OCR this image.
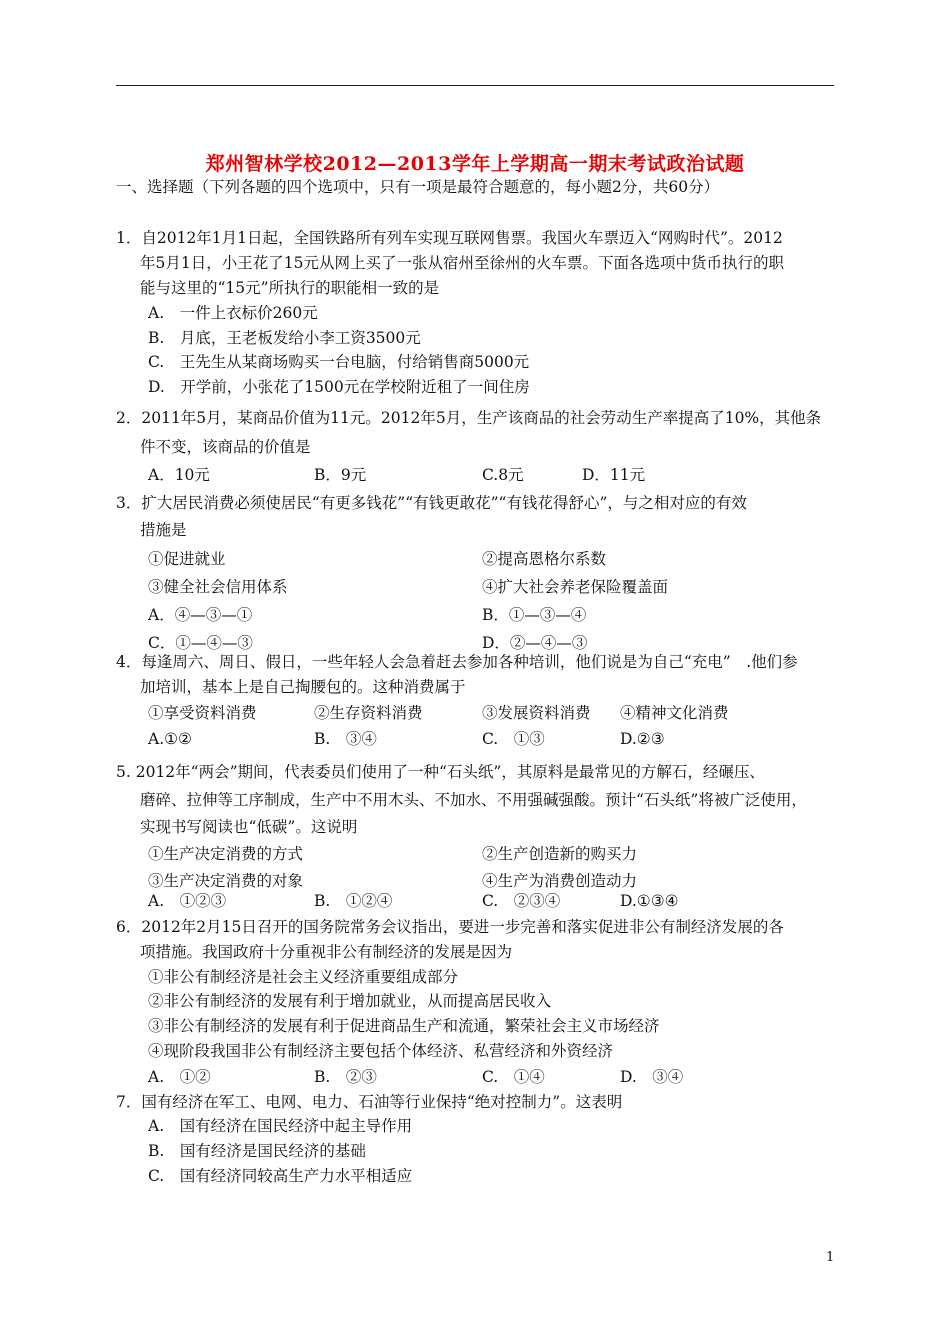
郑州智林学校2012—2013学年上学期高一期末考试政治试题
一、选择题（下列各题的四个选项中，只有一项是最符合题意的，每小题2分，共60分）
1．自2012年1月1日起，全国铁路所有列车实现互联网售票。我国火车票迈入“网购时代”。2012
年5月1日，小王花了15元从网上买了一张从宿州至徐州的火车票。下面各选项中货币执行的职
能与这里的“15元”所执行的职能相一致的是
A.　一件上衣标价260元
B.　月底，王老板发给小李工资3500元
C.　王先生从某商场购买一台电脑，付给销售商5000元
D.　开学前，小张花了1500元在学校附近租了一间住房
2．2011年5月，某商品价值为11元。2012年5月，生产该商品的社会劳动生产率提高了10%，其他条
件不变，该商品的价值是
A．10元	B．9元	C.8元	D．11元
3．扩大居民消费必须使居民“有更多钱花”“有钱更敢花”“有钱花得舒心”，与之相对应的有效
措施是
①促进就业	②提高恩格尔系数
③健全社会信用体系	④扩大社会养老保险覆盖面
A．④—③—①	B．①—③—④
C．①—④—③	D．②—④—③
4．每逢周六、周日、假日，一些年轻人会急着赶去参加各种培训，他们说是为自己“充电”　.他们参
加培训，基本上是自己掏腰包的。这种消费属于
①享受资料消费	②生存资料消费	③发展资料消费 ④精神文化消费
A.①②	B.　③④	C.　①③	D.②③
5. 2012年“两会”期间，代表委员们使用了一种“石头纸”，其原料是最常见的方解石，经碾压、
磨碎、拉伸等工序制成，生产中不用木头、不加水、不用强碱强酸。预计“石头纸”将被广泛使用，
实现书写阅读也“低碳”。这说明
①生产决定消费的方式	②生产创造新的购买力
③生产决定消费的对象	④生产为消费创造动力
A.　①②③	B.　①②④	C.　②③④	D.①③④
6．2012年2月15日召开的国务院常务会议指出，要进一步完善和落实促进非公有制经济发展的各
项措施。我国政府十分重视非公有制经济的发展是因为
①非公有制经济是社会主义经济重要组成部分
②非公有制经济的发展有利于增加就业，从而提高居民收入
③非公有制经济的发展有利于促进商品生产和流通，繁荣社会主义市场经济
④现阶段我国非公有制经济主要包括个体经济、私营经济和外资经济
A.　①②	B.　②③	C.　①④	D.　③④
7．国有经济在军工、电网、电力、石油等行业保持“绝对控制力”。这表明
A.　国有经济在国民经济中起主导作用
B.　国有经济是国民经济的基础
C.　国有经济同较高生产力水平相适应
1
